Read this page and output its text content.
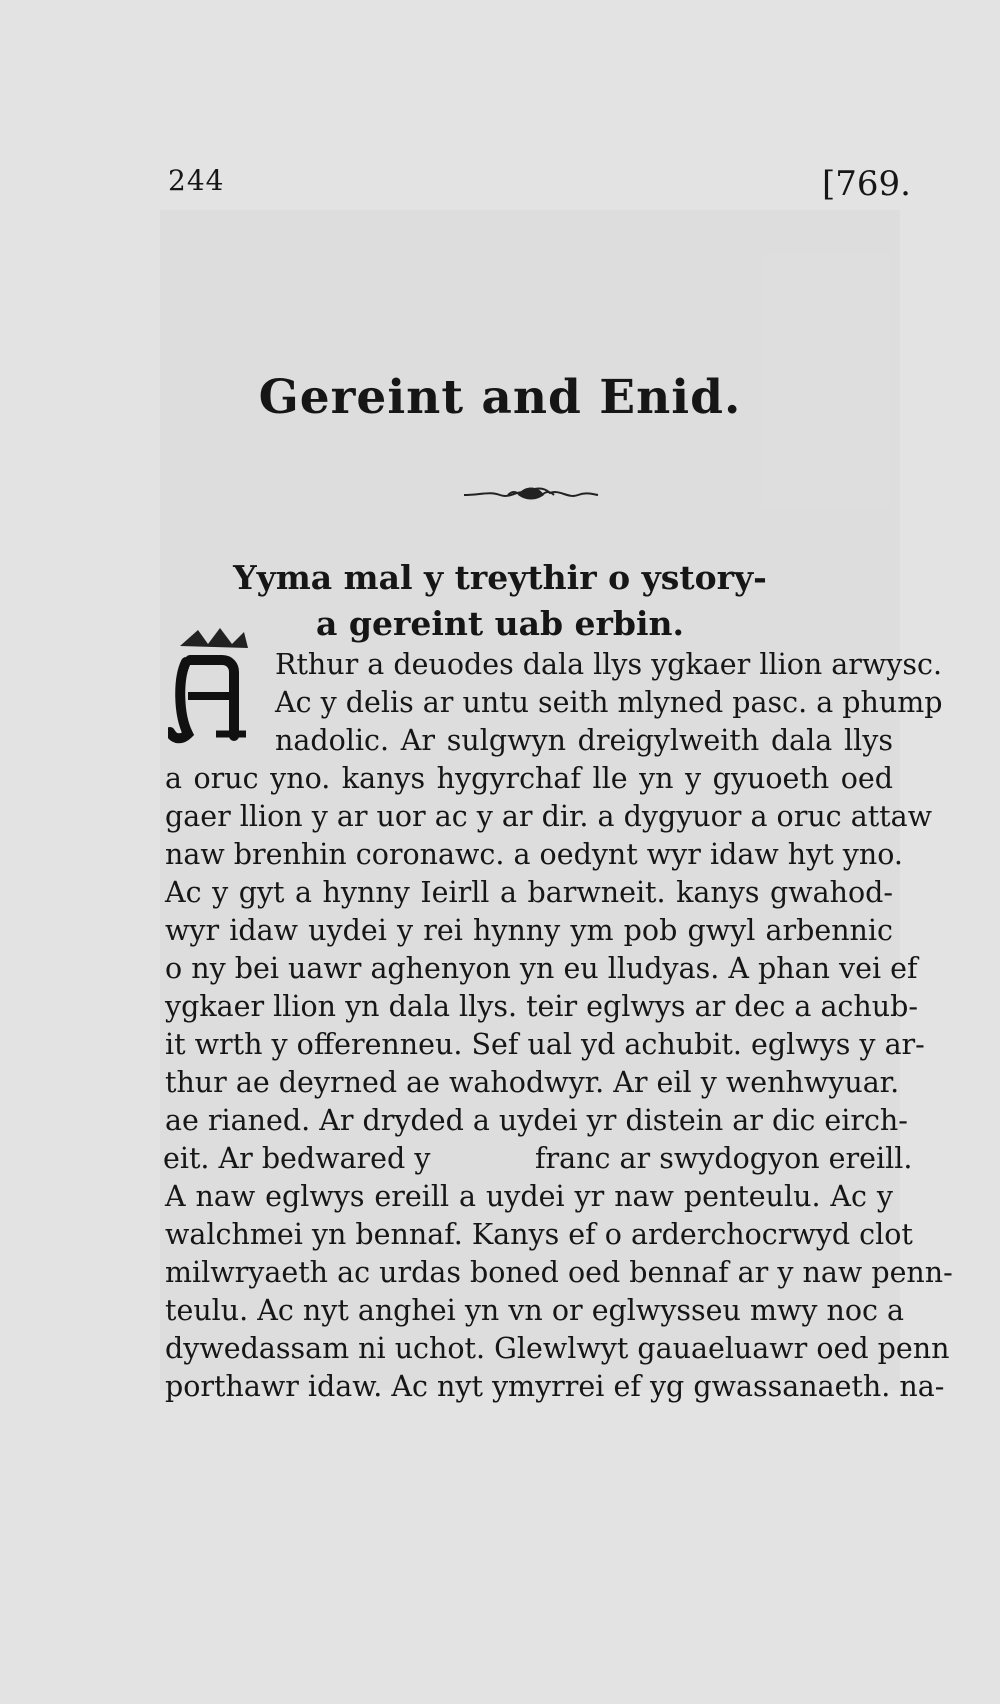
244	[769.
Gereint and Enid.
Yyma mal y treythir o ystory-
a gereint uab erbin.
Rthur a deuodes dala llys ygkaer llion arwysc.
Ac y delis ar untu seith mlyned pasc. a phump
nadolic. Ar sulgwyn dreigylweith dala llys
a oruc yno. kanys hygyrchaf lle yn y gyuoeth oed
gaer llion y ar uor ac y ar dir. a dygyuor a oruc attaw
naw brenhin coronawc. a oedynt wyr idaw hyt yno.
Ac y gyt a hynny Ieirll a barwneit. kanys gwahod-
wyr idaw uydei y rei hynny ym pob gwyl arbennic
o ny bei uawr aghenyon yn eu lludyas. A phan vei ef
ygkaer llion yn dala llys. teir eglwys ar dec a achub-
it wrth y offerenneu. Sef ual yd achubit. eglwys y ar-
thur ae deyrned ae wahodwyr. Ar eil y wenhwyuar.
ae rianed. Ar dryded a uydei yr distein ar dic eirch-
eit. Ar bedwared y	franc ar swydogyon ereill.
A naw eglwys ereill a uydei yr naw penteulu. Ac y
walchmei yn bennaf. Kanys ef o arderchocrwyd clot
milwryaeth ac urdas boned oed bennaf ar y naw penn-
teulu. Ac nyt anghei yn vn or eglwysseu mwy noc a
dywedassam ni uchot. Glewlwyt gauaeluawr oed penn
porthawr idaw. Ac nyt ymyrrei ef yg gwassanaeth. na-
